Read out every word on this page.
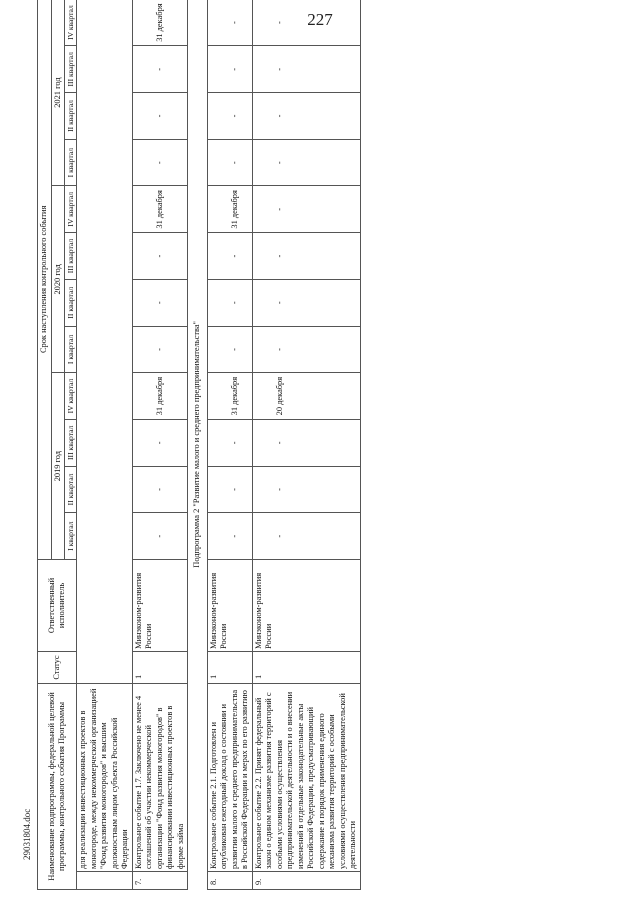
227
Наименование подпрограммы, федеральной целевой программы, контрольного события Программы		Статус	Ответственный исполнитель	Срок наступления контрольного события											
				2019 год				2020 год				2021 год			
				I квартал	II квартал	III квартал	IV квартал	I квартал	II квартал	III квартал	IV квартал	I квартал	II квартал	III квартал	IV квартал
	для реализации инвестиционных проектов в моногороде, между некоммерческой организацией "Фонд развития моногородов" и высшим должностным лицом субъекта Российской Федерации														
7.	Контрольное событие 1.7. Заключено не менее 4 соглашений об участии некоммерческой организации "Фонд развития моногородов" в финансировании инвестиционных проектов в форме займа	1	Минэконом-развития России	-	-	-	31 декабря	-	-	-	31 декабря	-	-	-	31 декабря
Подпрограмма 2 "Развитие малого и среднего предпринимательства"															
8.	Контрольное событие 2.1. Подготовлен и опубликован ежегодный доклад о состоянии и развитии малого и среднего предпринимательства в Российской Федерации и мерах по его развитию	1	Минэконом-развития России	-	-	-	31 декабря	-	-	-	31 декабря	-	-	-	-
9.	Контрольное событие 2.2. Принят федеральный закон о едином механизме развития территорий с особыми условиями осуществления предпринимательской деятельности и о внесении изменений в отдельные законодательные акты Российской Федерации, предусматривающий содержание и порядок применения единого механизма развития территорий с особыми условиями осуществления предпринимательской деятельности	1	Минэконом-развития России	-	-	-	20 декабря	-	-	-	-	-	-	-	-
29031804.doc
